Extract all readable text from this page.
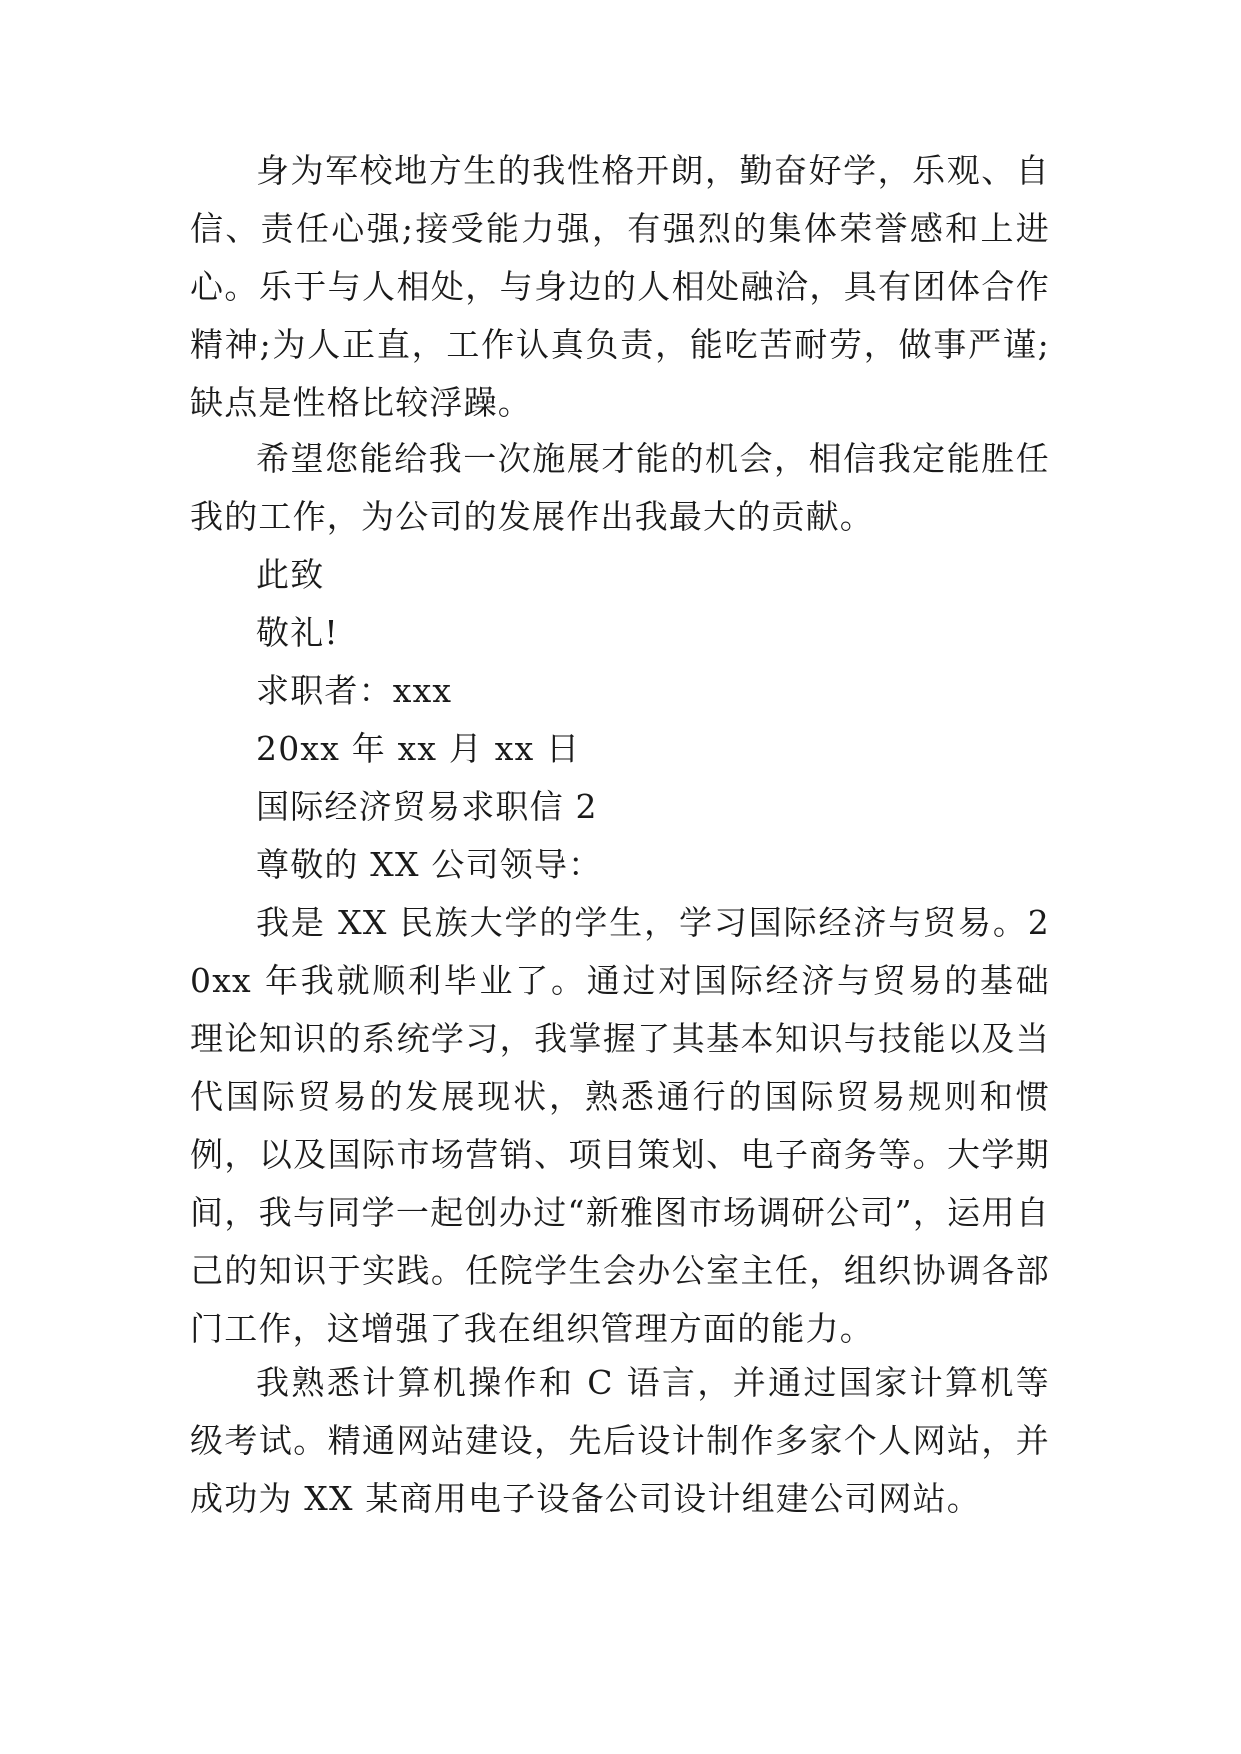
身为军校地方生的我性格开朗，勤奋好学，乐观、自信、责任心强;接受能力强，有强烈的集体荣誉感和上进心。乐于与人相处，与身边的人相处融洽，具有团体合作精神;为人正直，工作认真负责，能吃苦耐劳，做事严谨;缺点是性格比较浮躁。

希望您能给我一次施展才能的机会，相信我定能胜任我的工作，为公司的发展作出我最大的贡献。

此致
敬礼!
求职者：xxx
20xx 年 xx 月 xx 日
国际经济贸易求职信 2
尊敬的 XX 公司领导：

我是 XX 民族大学的学生，学习国际经济与贸易。20xx 年我就顺利毕业了。通过对国际经济与贸易的基础理论知识的系统学习，我掌握了其基本知识与技能以及当代国际贸易的发展现状，熟悉通行的国际贸易规则和惯例，以及国际市场营销、项目策划、电子商务等。大学期间，我与同学一起创办过“新雅图市场调研公司”，运用自己的知识于实践。任院学生会办公室主任，组织协调各部门工作，这增强了我在组织管理方面的能力。

我熟悉计算机操作和 C 语言，并通过国家计算机等级考试。精通网站建设，先后设计制作多家个人网站，并成功为 XX 某商用电子设备公司设计组建公司网站。
